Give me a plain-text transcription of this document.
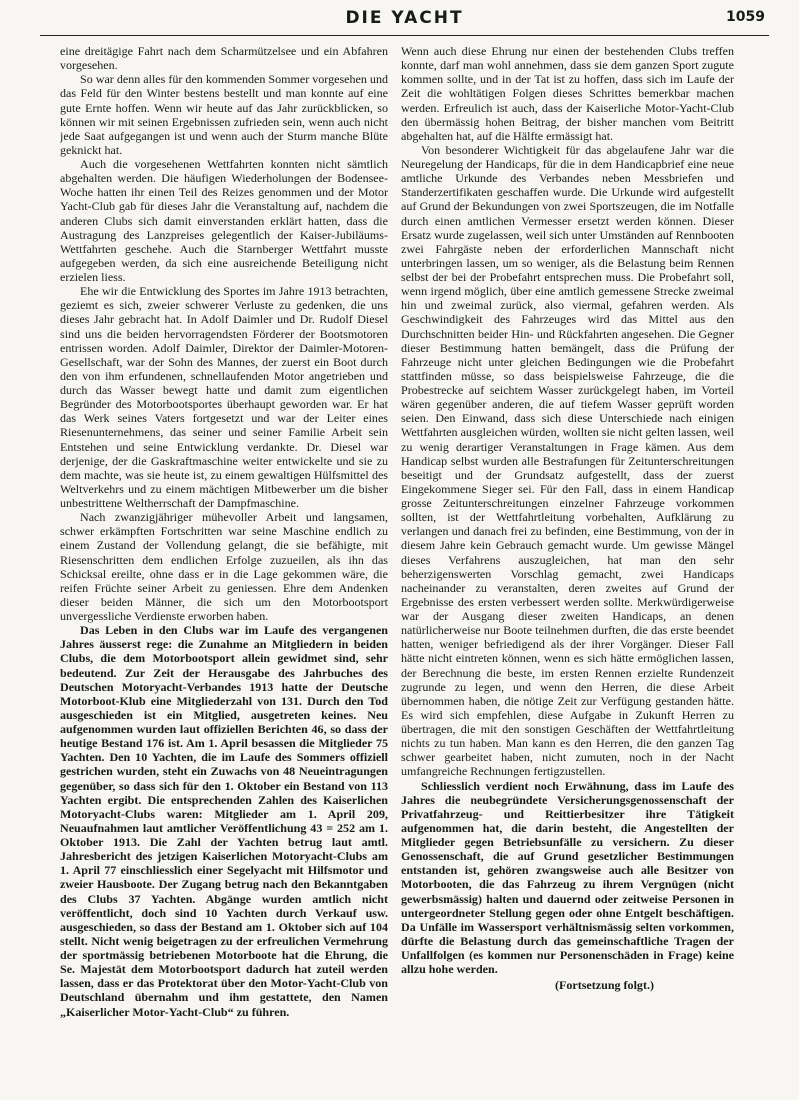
DIE YACHT	1059

eine dreitägige Fahrt nach dem Scharmützelsee und ein Abfahren vorgesehen.

So war denn alles für den kommenden Sommer vorgesehen und das Feld für den Winter bestens bestellt und man konnte auf eine gute Ernte hoffen. Wenn wir heute auf das Jahr zurückblicken, so können wir mit seinen Ergebnissen zufrieden sein, wenn auch nicht jede Saat aufgegangen ist und wenn auch der Sturm manche Blüte geknickt hat.

Auch die vorgesehenen Wettfahrten konnten nicht sämtlich abgehalten werden. Die häufigen Wiederholungen der Bodensee-Woche hatten ihr einen Teil des Reizes genommen und der Motor Yacht-Club gab für dieses Jahr die Veranstaltung auf, nachdem die anderen Clubs sich damit einverstanden erklärt hatten, dass die Austragung des Lanzpreises gelegentlich der Kaiser-Jubiläums-Wettfahrten geschehe. Auch die Starnberger Wettfahrt musste aufgegeben werden, da sich eine ausreichende Beteiligung nicht erzielen liess.

Ehe wir die Entwicklung des Sportes im Jahre 1913 betrachten, geziemt es sich, zweier schwerer Verluste zu gedenken, die uns dieses Jahr gebracht hat. In Adolf Daimler und Dr. Rudolf Diesel sind uns die beiden hervorragendsten Förderer der Bootsmotoren entrissen worden. Adolf Daimler, Direktor der Daimler-Motoren-Gesellschaft, war der Sohn des Mannes, der zuerst ein Boot durch den von ihm erfundenen, schnellaufenden Motor angetrieben und durch das Wasser bewegt hatte und damit zum eigentlichen Begründer des Motorbootsportes überhaupt geworden war. Er hat das Werk seines Vaters fortgesetzt und war der Leiter eines Riesenunternehmens, das seiner und seiner Familie Arbeit sein Entstehen und seine Entwicklung verdankte. Dr. Diesel war derjenige, der die Gaskraftmaschine weiter entwickelte und sie zu dem machte, was sie heute ist, zu einem gewaltigen Hülfsmittel des Weltverkehrs und zu einem mächtigen Mitbewerber um die bisher unbestrittene Weltherrschaft der Dampfmaschine.

Nach zwanzigjähriger mühevoller Arbeit und langsamen, schwer erkämpften Fortschritten war seine Maschine endlich zu einem Zustand der Vollendung gelangt, die sie befähigte, mit Riesenschritten dem endlichen Erfolge zuzueilen, als ihn das Schicksal ereilte, ohne dass er in die Lage gekommen wäre, die reifen Früchte seiner Arbeit zu geniessen. Ehre dem Andenken dieser beiden Männer, die sich um den Motorbootsport unvergessliche Verdienste erworben haben.

Das Leben in den Clubs war im Laufe des vergangenen Jahres äusserst rege: die Zunahme an Mitgliedern in beiden Clubs, die dem Motorbootsport allein gewidmet sind, sehr bedeutend. Zur Zeit der Herausgabe des Jahrbuches des Deutschen Motoryacht-Verbandes 1913 hatte der Deutsche Motorboot-Klub eine Mitgliederzahl von 131. Durch den Tod ausgeschieden ist ein Mitglied, ausgetreten keines. Neu aufgenommen wurden laut offiziellen Berichten 46, so dass der heutige Bestand 176 ist. Am 1. April besassen die Mitglieder 75 Yachten. Den 10 Yachten, die im Laufe des Sommers offiziell gestrichen wurden, steht ein Zuwachs von 48 Neueintragungen gegenüber, so dass sich für den 1. Oktober ein Bestand von 113 Yachten ergibt. Die entsprechenden Zahlen des Kaiserlichen Motoryacht-Clubs waren: Mitglieder am 1. April 209, Neuaufnahmen laut amtlicher Veröffentlichung 43 = 252 am 1. Oktober 1913. Die Zahl der Yachten betrug laut amtl. Jahresbericht des jetzigen Kaiserlichen Motoryacht-Clubs am 1. April 77 einschliesslich einer Segelyacht mit Hilfsmotor und zweier Hausboote. Der Zugang betrug nach den Bekanntgaben des Clubs 37 Yachten. Abgänge wurden amtlich nicht veröffentlicht, doch sind 10 Yachten durch Verkauf usw. ausgeschieden, so dass der Bestand am 1. Oktober sich auf 104 stellt. Nicht wenig beigetragen zu der erfreulichen Vermehrung der sportmässig betriebenen Motorboote hat die Ehrung, die Se. Majestät dem Motorbootsport dadurch hat zuteil werden lassen, dass er das Protektorat über den Motor-Yacht-Club von Deutschland übernahm und ihm gestattete, den Namen „Kaiserlicher Motor-Yacht-Club“ zu führen.

Wenn auch diese Ehrung nur einen der bestehenden Clubs treffen konnte, darf man wohl annehmen, dass sie dem ganzen Sport zugute kommen sollte, und in der Tat ist zu hoffen, dass sich im Laufe der Zeit die wohltätigen Folgen dieses Schrittes bemerkbar machen werden. Erfreulich ist auch, dass der Kaiserliche Motor-Yacht-Club den übermässig hohen Beitrag, der bisher manchen vom Beitritt abgehalten hat, auf die Hälfte ermässigt hat.

Von besonderer Wichtigkeit für das abgelaufene Jahr war die Neuregelung der Handicaps, für die in dem Handicapbrief eine neue amtliche Urkunde des Verbandes neben Messbriefen und Standerzertifikaten geschaffen wurde. Die Urkunde wird aufgestellt auf Grund der Bekundungen von zwei Sportszeugen, die im Notfalle durch einen amtlichen Vermesser ersetzt werden können. Dieser Ersatz wurde zugelassen, weil sich unter Umständen auf Rennbooten zwei Fahrgäste neben der erforderlichen Mannschaft nicht unterbringen lassen, um so weniger, als die Belastung beim Rennen selbst der bei der Probefahrt entsprechen muss. Die Probefahrt soll, wenn irgend möglich, über eine amtlich gemessene Strecke zweimal hin und zweimal zurück, also viermal, gefahren werden. Als Geschwindigkeit des Fahrzeuges wird das Mittel aus den Durchschnitten beider Hin- und Rückfahrten angesehen. Die Gegner dieser Bestimmung hatten bemängelt, dass die Prüfung der Fahrzeuge nicht unter gleichen Bedingungen wie die Probefahrt stattfinden müsse, so dass beispielsweise Fahrzeuge, die die Probestrecke auf seichtem Wasser zurückgelegt haben, im Vorteil wären gegenüber anderen, die auf tiefem Wasser geprüft worden seien. Den Einwand, dass sich diese Unterschiede nach einigen Wettfahrten ausgleichen würden, wollten sie nicht gelten lassen, weil zu wenig derartiger Veranstaltungen in Frage kämen. Aus dem Handicap selbst wurden alle Bestrafungen für Zeitunterschreitungen beseitigt und der Grundsatz aufgestellt, dass der zuerst Eingekommene Sieger sei. Für den Fall, dass in einem Handicap grosse Zeitunterschreitungen einzelner Fahrzeuge vorkommen sollten, ist der Wettfahrtleitung vorbehalten, Aufklärung zu verlangen und danach frei zu befinden, eine Bestimmung, von der in diesem Jahre kein Gebrauch gemacht wurde. Um gewisse Mängel dieses Verfahrens auszugleichen, hat man den sehr beherzigenswerten Vorschlag gemacht, zwei Handicaps nacheinander zu veranstalten, deren zweites auf Grund der Ergebnisse des ersten verbessert werden sollte. Merkwürdigerweise war der Ausgang dieser zweiten Handicaps, an denen natürlicherweise nur Boote teilnehmen durften, die das erste beendet hatten, weniger befriedigend als der ihrer Vorgänger. Dieser Fall hätte nicht eintreten können, wenn es sich hätte ermöglichen lassen, der Berechnung die beste, im ersten Rennen erzielte Rundenzeit zugrunde zu legen, und wenn den Herren, die diese Arbeit übernommen haben, die nötige Zeit zur Verfügung gestanden hätte. Es wird sich empfehlen, diese Aufgabe in Zukunft Herren zu übertragen, die mit den sonstigen Geschäften der Wettfahrtleitung nichts zu tun haben. Man kann es den Herren, die den ganzen Tag schwer gearbeitet haben, nicht zumuten, noch in der Nacht umfangreiche Rechnungen fertigzustellen.

Schliesslich verdient noch Erwähnung, dass im Laufe des Jahres die neubegründete Versicherungsgenossenschaft der Privatfahrzeug- und Reittierbesitzer ihre Tätigkeit aufgenommen hat, die darin besteht, die Angestellten der Mitglieder gegen Betriebsunfälle zu versichern. Zu dieser Genossenschaft, die auf Grund gesetzlicher Bestimmungen entstanden ist, gehören zwangsweise auch alle Besitzer von Motorbooten, die das Fahrzeug zu ihrem Vergnügen (nicht gewerbsmässig) halten und dauernd oder zeitweise Personen in untergeordneter Stellung gegen oder ohne Entgelt beschäftigen. Da Unfälle im Wassersport verhältnismässig selten vorkommen, dürfte die Belastung durch das gemeinschaftliche Tragen der Unfallfolgen (es kommen nur Personenschäden in Frage) keine allzu hohe werden.

(Fortsetzung folgt.)
